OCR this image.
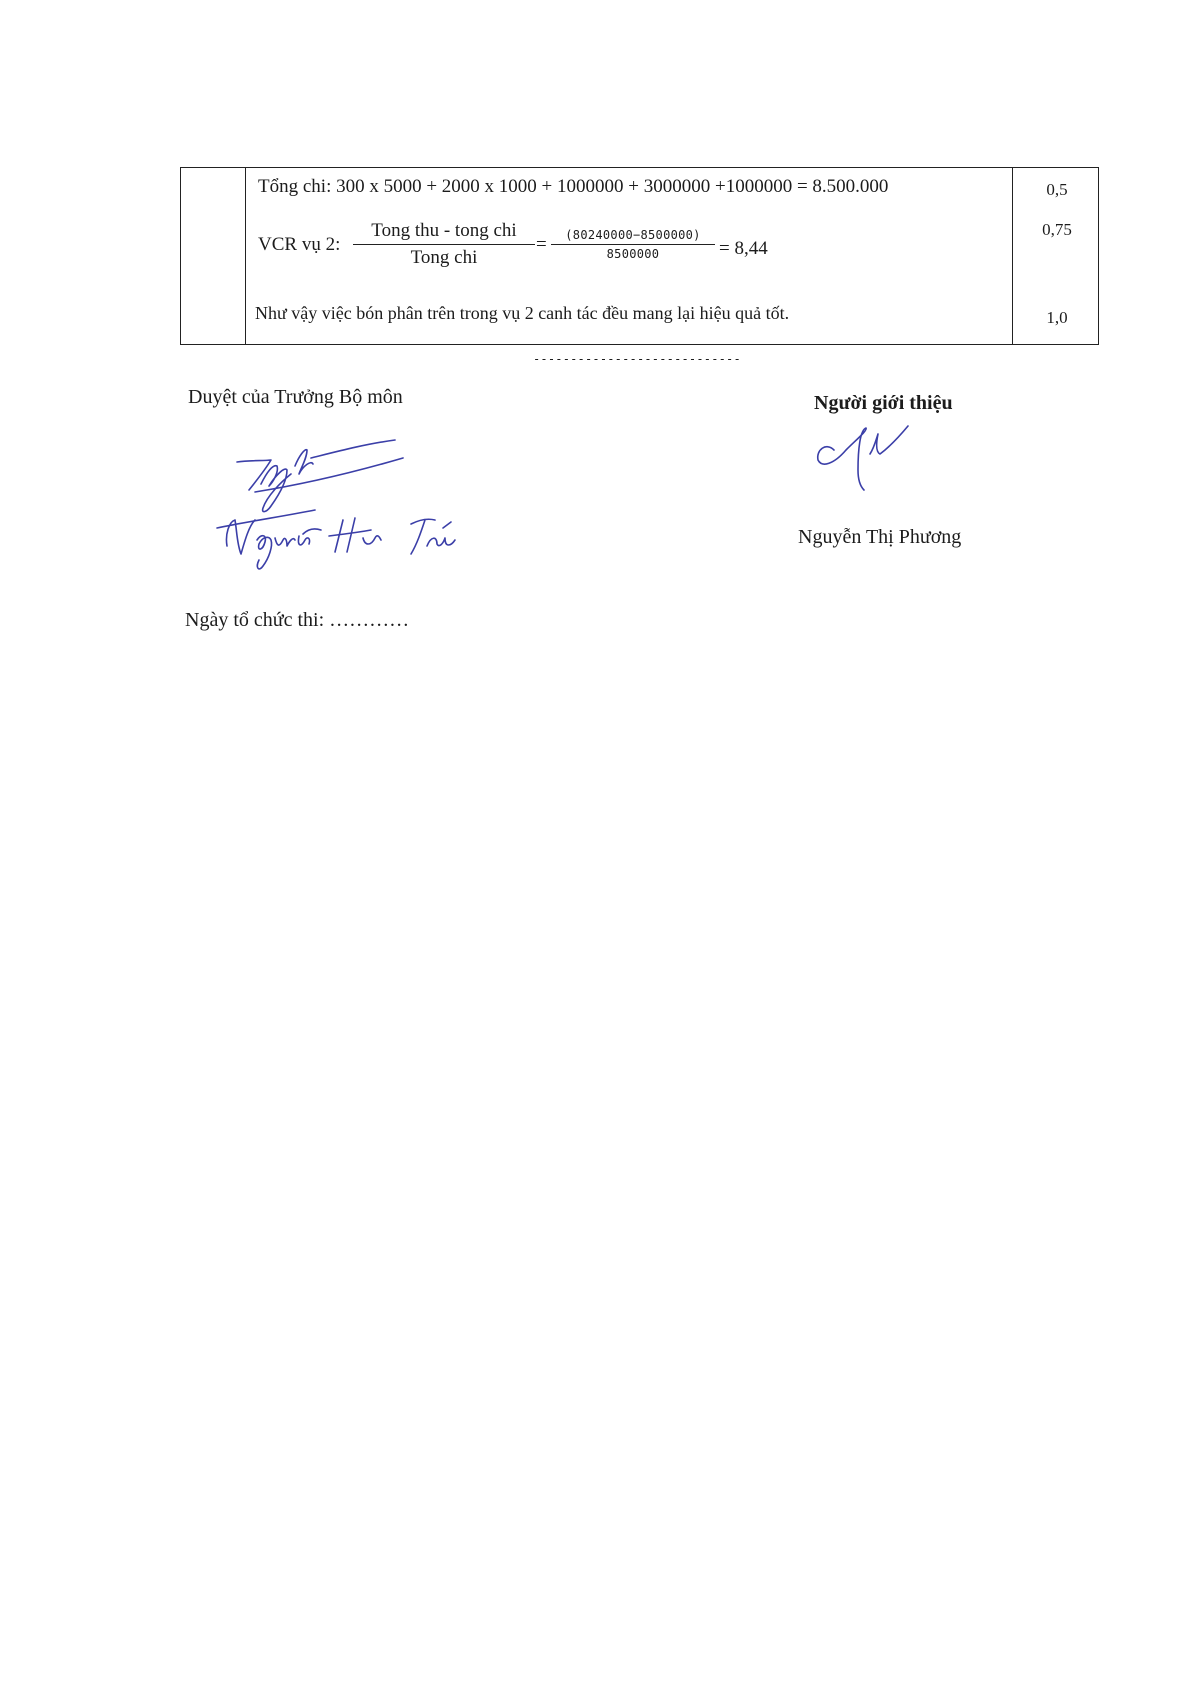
Tổng chi: 300 x 5000 + 2000 x 1000 + 1000000 + 3000000 +1000000 = 8.500.000	0,5
VCR vụ 2:
Tong thu - tong chi
Tong chi
=	(80240000−8500000)
8500000	= 8,44
0,75
Như vậy việc bón phân trên trong vụ 2 canh tác đều mang lại hiệu quả tốt.	1,0
----------------------------
Duyệt của Trưởng Bộ môn
Ngày tổ chức thi: …………
Người giới thiệu
Nguyễn Thị Phương
